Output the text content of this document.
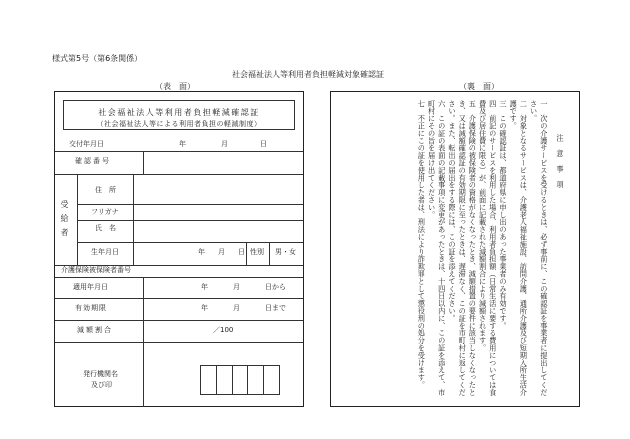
様式第5号（第6条関係）
社会福祉法人等利用者負担軽減対象確認証
（表　面）	（裏　面）
社会福祉法人等利用者負担軽減確認証
（社会福祉法人等による利用者負担の軽減制度）
交付年月日	年	月	日
確認番号
受給者
住　所
フリガナ
氏　名
生年月日	年 月 日 性別 男・女
介護保険被保険者番号
適用年月日	年	月	日から
有効期限	年	月	日まで
減額割合	／100
発行機関名
及び印
注 意 事 項
一　次の介護サービスを受けるときは、必ず事前に、この確認証を事業者に提出してください。
二　対象となるサービスは、介護老人福祉施設、訪問介護、通所介護及び短期入所生活介護です。
三　この確認証は、都道府県に申し出のあった事業者のみ有効です。
四　前記のサービスを利用した場合、利用者負担額（日常生活に要する費用については食費及び居住費に限る）が、前面に記載された減額割合により減額されます。
五　介護保険の被保険者の資格がなくなったとき、減額措置の要件に該当しなくなったとき、又は減額確認証の有効期限に至ったときは、遅滞なく、この証を市町村に返してください。また、転出の届出をする際には、この証を添えてください。
六　この証の表面の記載事項に変更があったときは、十四日以内に、この証を添えて、市町村にその旨を届け出てください。
七　不正にこの証を使用した者は、刑法により詐欺罪として懲役刑の処分を受けます。
